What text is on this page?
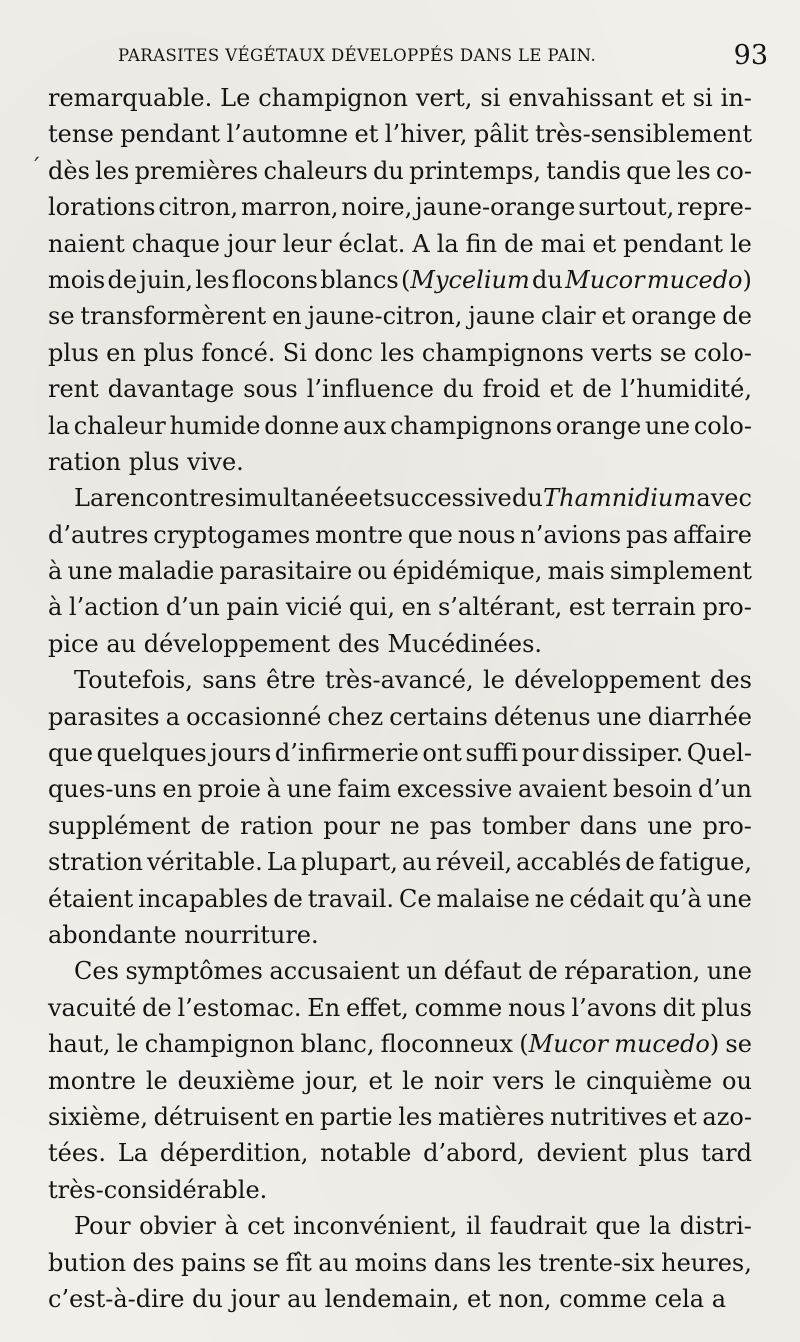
PARASITES VÉGÉTAUX DÉVELOPPÉS DANS LE PAIN.	93
´
remarquable. Le champignon vert, si envahissant et si in-
tense pendant l’automne et l’hiver, pâlit très-sensiblement
dès les premières chaleurs du printemps, tandis que les co-
lorations citron, marron, noire, jaune-orange surtout, repre-
naient chaque jour leur éclat. A la fin de mai et pendant le
mois de juin, les flocons blancs (Mycelium du Mucor mucedo)
se transformèrent en jaune-citron, jaune clair et orange de
plus en plus foncé. Si donc les champignons verts se colo-
rent davantage sous l’influence du froid et de l’humidité,
la chaleur humide donne aux champignons orange une colo-
ration plus vive.
La rencontre simultanée et successive du Thamnidium avec
d’autres cryptogames montre que nous n’avions pas affaire
à une maladie parasitaire ou épidémique, mais simplement
à l’action d’un pain vicié qui, en s’altérant, est terrain pro-
pice au développement des Mucédinées.
Toutefois, sans être très-avancé, le développement des
parasites a occasionné chez certains détenus une diarrhée
que quelques jours d’infirmerie ont suffi pour dissiper. Quel-
ques-uns en proie à une faim excessive avaient besoin d’un
supplément de ration pour ne pas tomber dans une pro-
stration véritable. La plupart, au réveil, accablés de fatigue,
étaient incapables de travail. Ce malaise ne cédait qu’à une
abondante nourriture.
Ces symptômes accusaient un défaut de réparation, une
vacuité de l’estomac. En effet, comme nous l’avons dit plus
haut, le champignon blanc, floconneux (Mucor mucedo) se
montre le deuxième jour, et le noir vers le cinquième ou
sixième, détruisent en partie les matières nutritives et azo-
tées. La déperdition, notable d’abord, devient plus tard
très-considérable.
Pour obvier à cet inconvénient, il faudrait que la distri-
bution des pains se fît au moins dans les trente-six heures,
c’est-à-dire du jour au lendemain, et non, comme cela a
